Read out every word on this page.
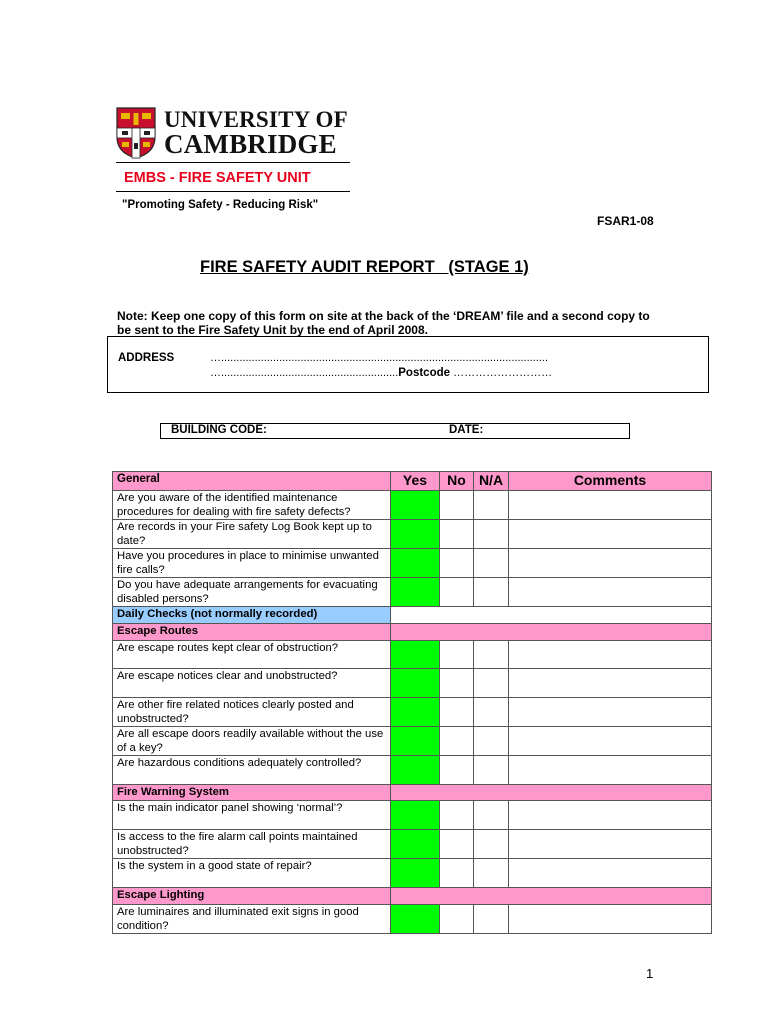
UNIVERSITY OF
CAMBRIDGE
EMBS - FIRE SAFETY UNIT
"Promoting Safety - Reducing Risk"
FSAR1-08
FIRE SAFETY AUDIT REPORT   (STAGE 1)
Note: Keep one copy of this form on site at the back of the ‘DREAM’ file and a second copy to be sent to the Fire Safety Unit by the end of April 2008.
ADDRESS	…...........................................................................................................
…..........................................................Postcode ………………………
BUILDING CODE:	DATE:
General	Yes	No	N/A	Comments
Are you aware of the identified maintenance procedures for dealing with fire safety defects?				
Are records in your Fire safety Log Book kept up to date?				
Have you procedures in place to minimise unwanted fire calls?				
Do you have adequate arrangements for evacuating disabled persons?				
Daily Checks (not normally recorded)				
Escape Routes				
Are escape routes kept clear of obstruction?				
Are escape notices clear and unobstructed?				
Are other fire related notices clearly posted and unobstructed?				
Are all escape doors readily available without the use of a key?				
Are hazardous conditions adequately controlled?				
Fire Warning System				
Is the main indicator panel showing ‘normal’?				
Is access to the fire alarm call points maintained unobstructed?				
Is the system in a good state of repair?				
Escape Lighting				
Are luminaires and illuminated exit signs in good condition?				
1
